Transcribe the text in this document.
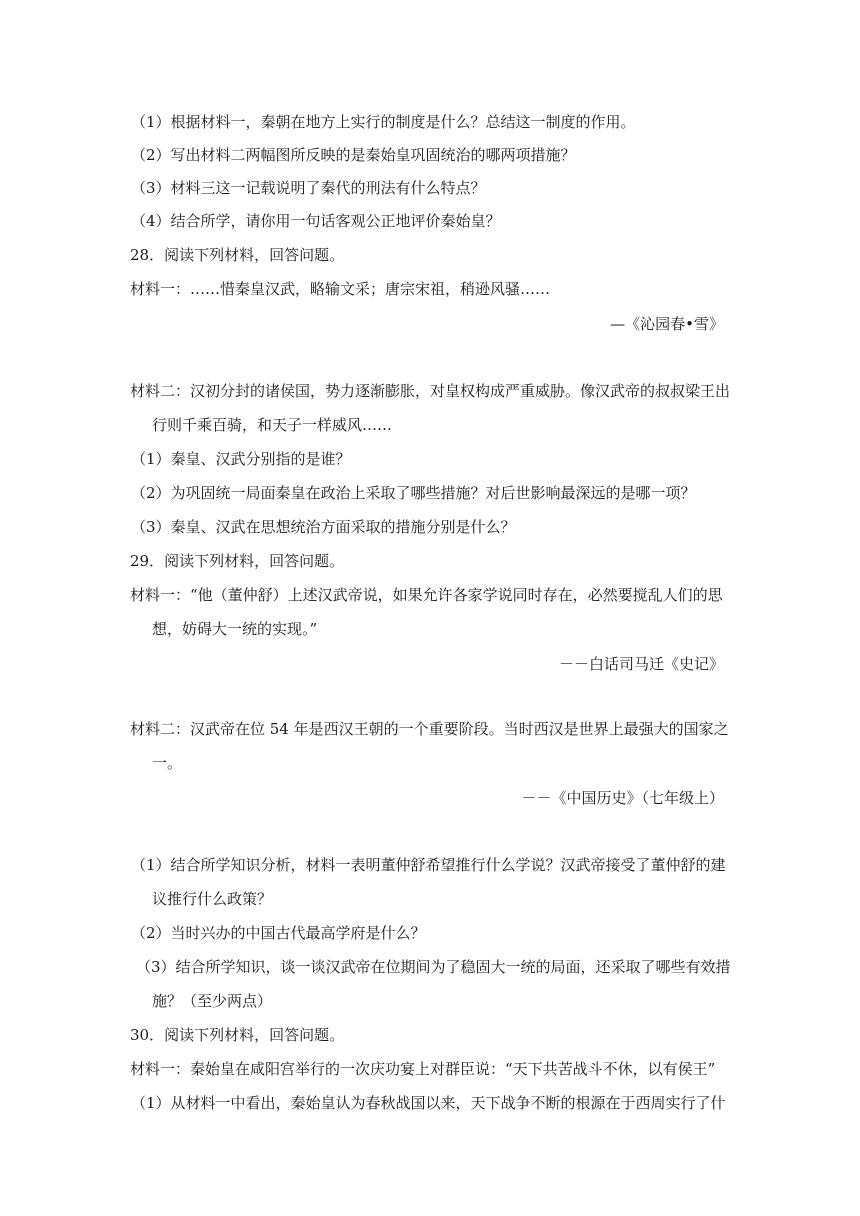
（1）根据材料一，秦朝在地方上实行的制度是什么？总结这一制度的作用。
（2）写出材料二两幅图所反映的是秦始皇巩固统治的哪两项措施？
（3）材料三这一记载说明了秦代的刑法有什么特点？
（4）结合所学，请你用一句话客观公正地评价秦始皇？
28．阅读下列材料，回答问题。
材料一：……惜秦皇汉武，略输文采；唐宗宋祖，稍逊风骚……
—《沁园春•雪》
材料二：汉初分封的诸侯国，势力逐渐膨胀，对皇权构成严重威胁。像汉武帝的叔叔梁王出
行则千乘百骑，和天子一样威风……
（1）秦皇、汉武分别指的是谁？
（2）为巩固统一局面秦皇在政治上采取了哪些措施？对后世影响最深远的是哪一项？
（3）秦皇、汉武在思想统治方面采取的措施分别是什么？
29．阅读下列材料，回答问题。
材料一：“他（董仲舒）上述汉武帝说，如果允许各家学说同时存在，必然要搅乱人们的思
想，妨碍大一统的实现。”
－－白话司马迁《史记》
材料二：汉武帝在位 54 年是西汉王朝的一个重要阶段。当时西汉是世界上最强大的国家之
一。
－－《中国历史》（七年级上）
（1）结合所学知识分析，材料一表明董仲舒希望推行什么学说？汉武帝接受了董仲舒的建
议推行什么政策？
（2）当时兴办的中国古代最高学府是什么？
（3）结合所学知识，谈一谈汉武帝在位期间为了稳固大一统的局面，还采取了哪些有效措
施？（至少两点）
30．阅读下列材料，回答问题。
材料一：秦始皇在咸阳宫举行的一次庆功宴上对群臣说：“天下共苦战斗不休，以有侯王”
（1）从材料一中看出，秦始皇认为春秋战国以来，天下战争不断的根源在于西周实行了什
